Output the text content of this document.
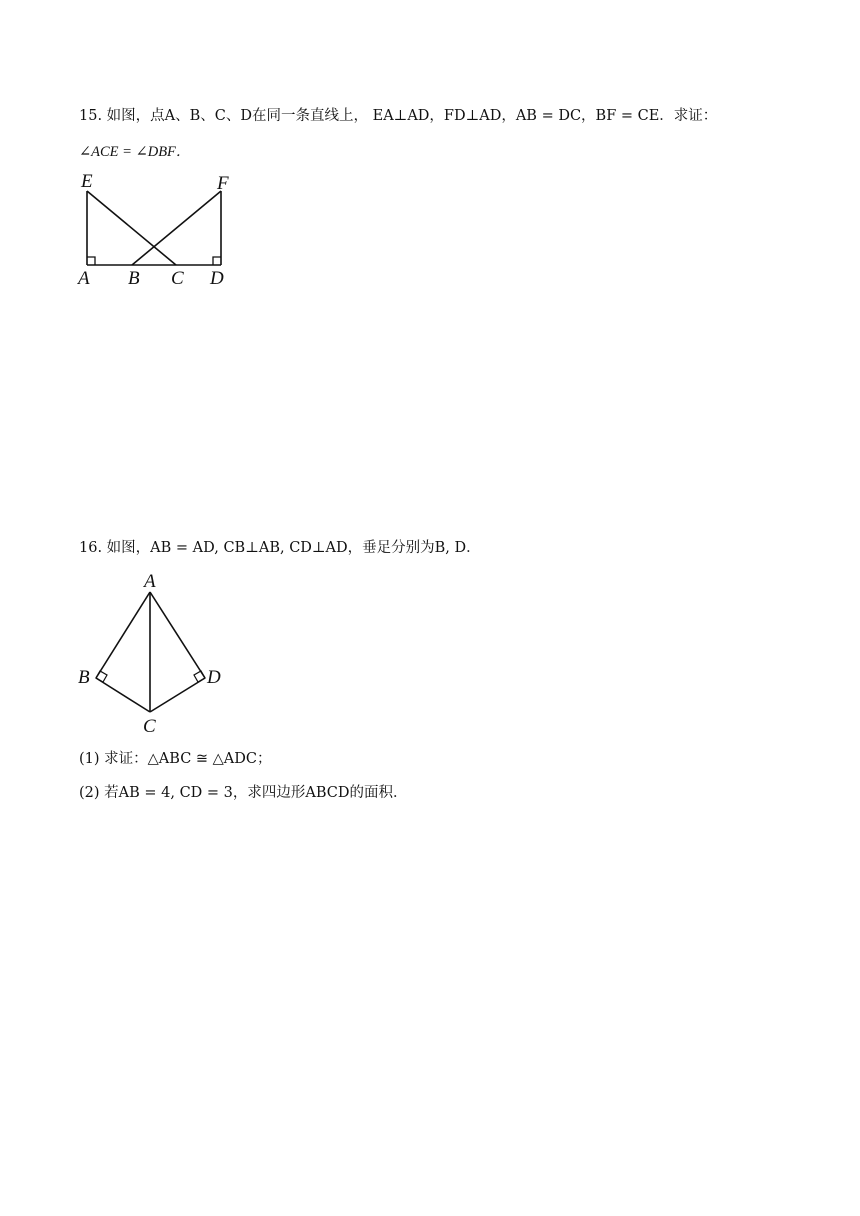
15. 如图，点A、B、C、D在同一条直线上， EA⊥AD，FD⊥AD，AB = DC，BF = CE．求证：
∠ACE = ∠DBF．
E	F
A B C D
16. 如图，AB = AD, CB⊥AB, CD⊥AD，垂足分别为B, D．
A
B
C
D
(1) 求证：△ABC ≅ △ADC；
(2) 若AB = 4, CD = 3，求四边形ABCD的面积．
